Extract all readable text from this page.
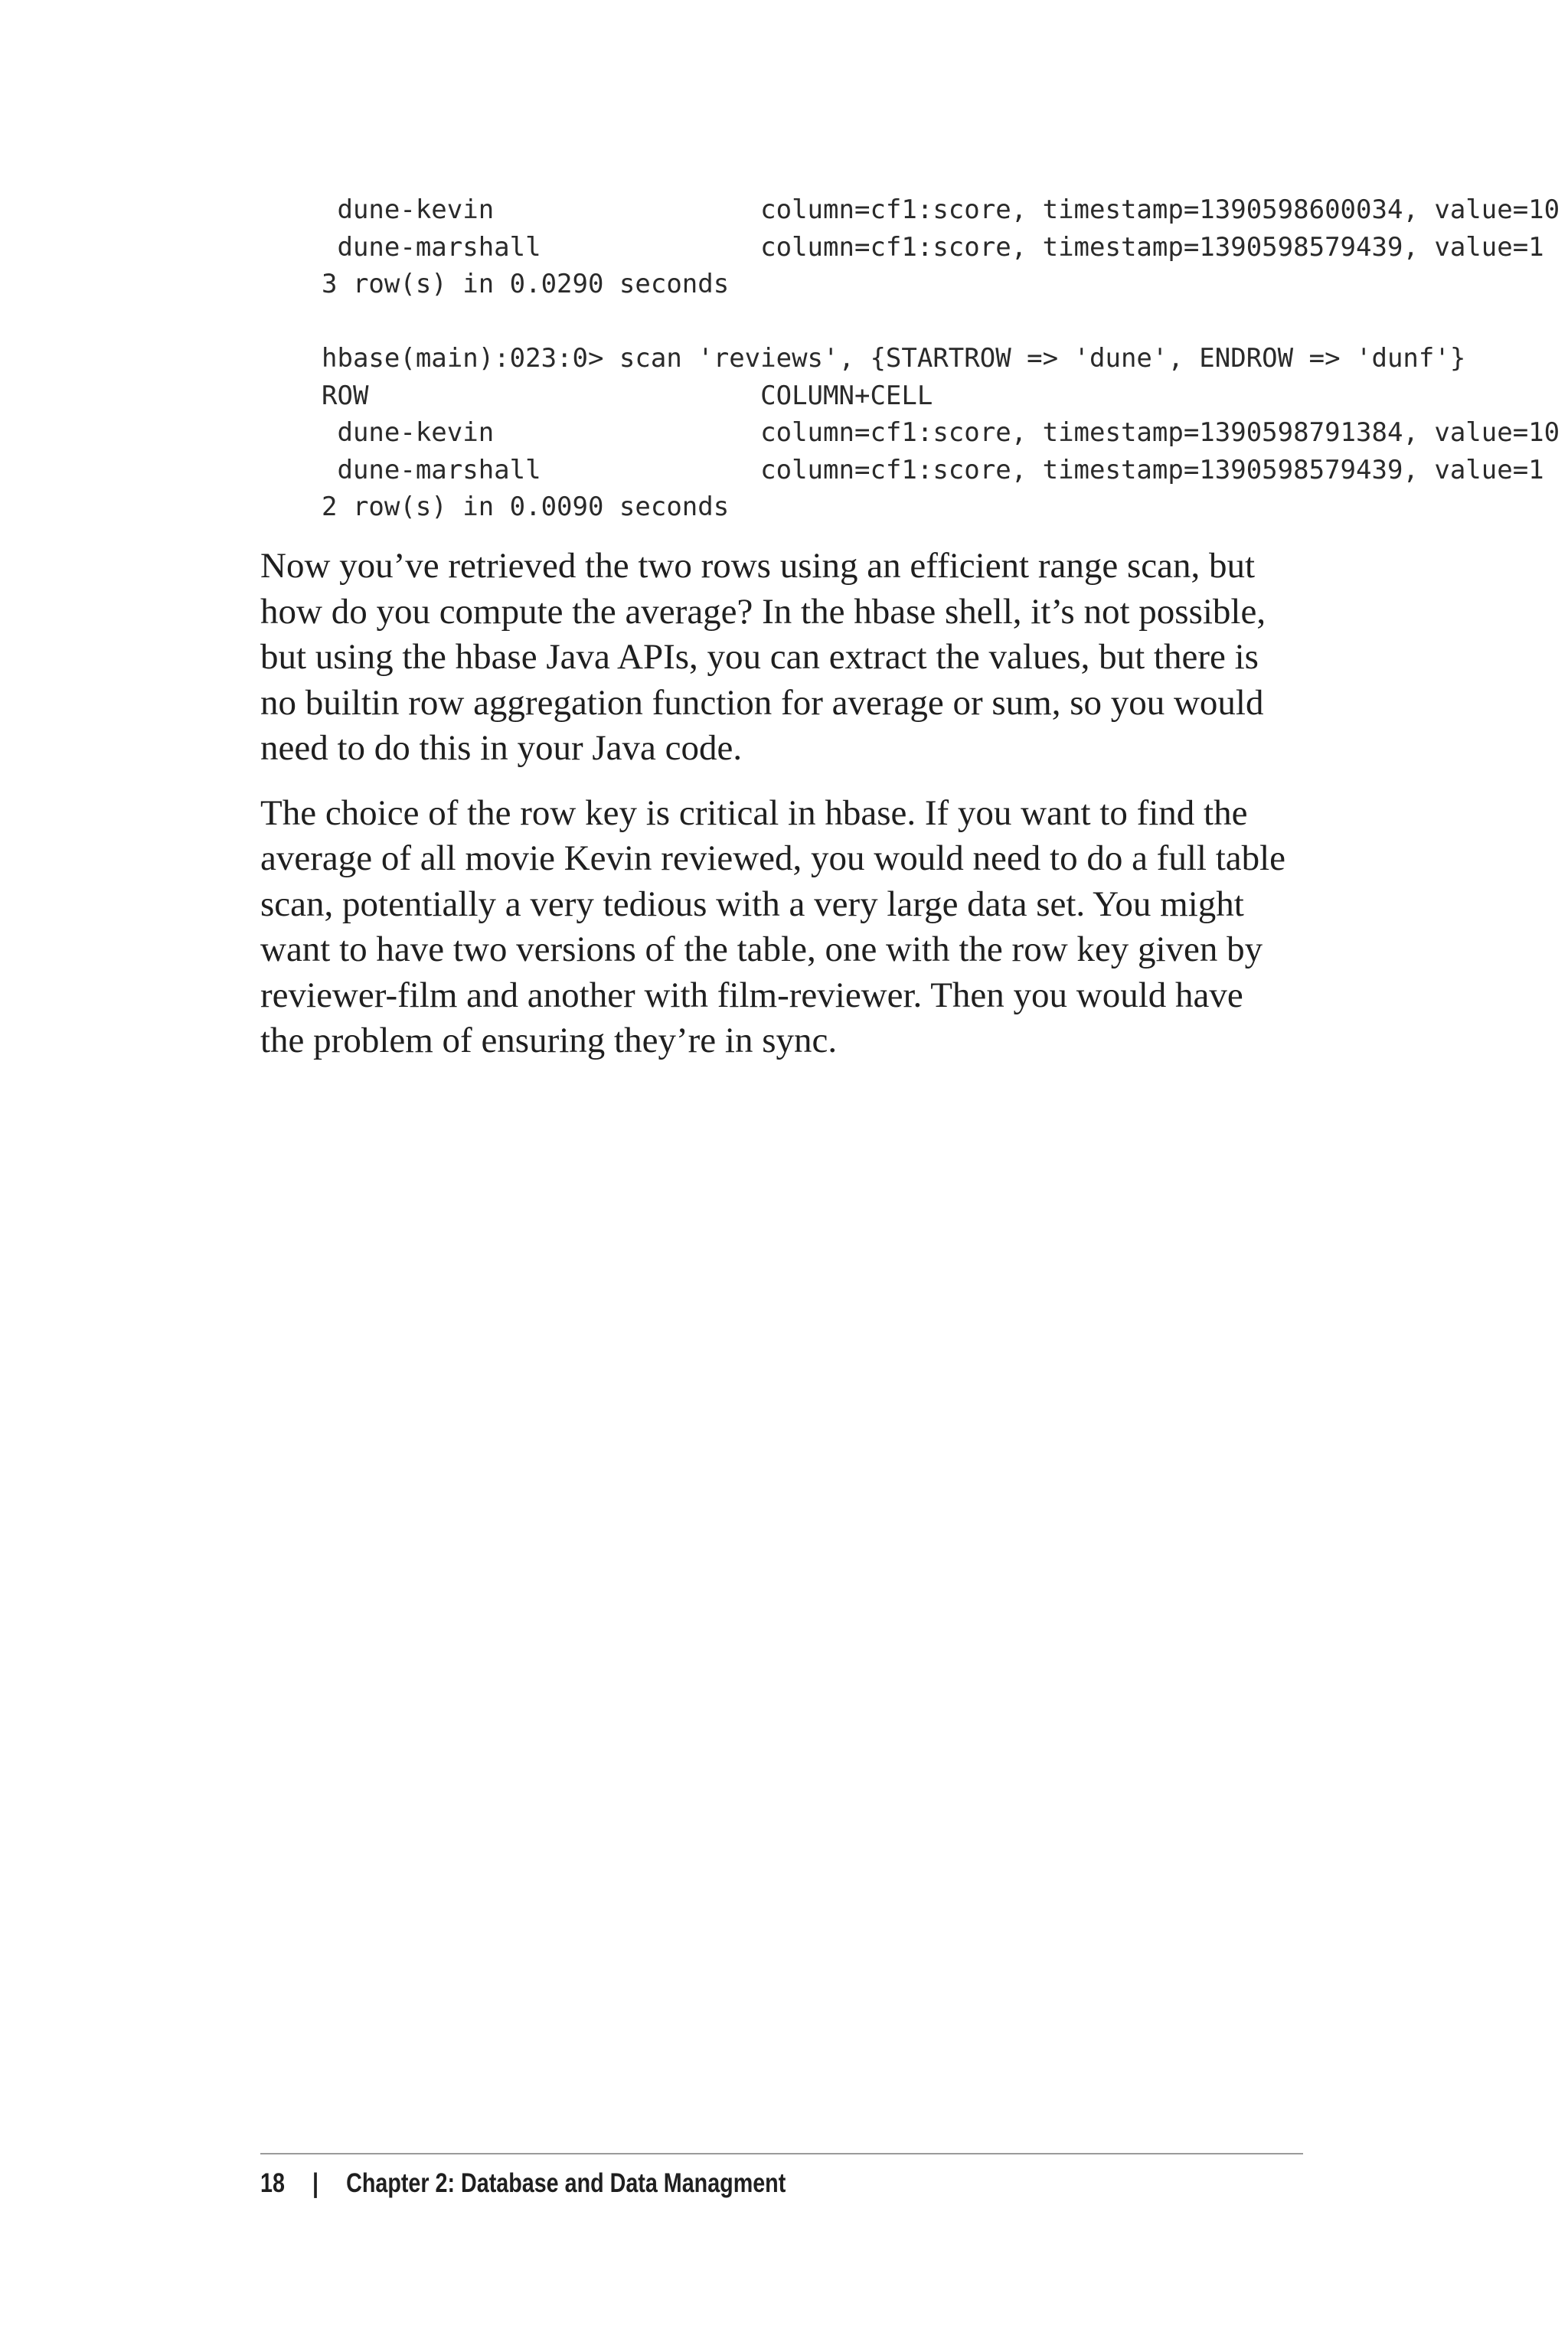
dune-kevin                 column=cf1:score, timestamp=1390598600034, value=10
dune-marshall              column=cf1:score, timestamp=1390598579439, value=1
3 row(s) in 0.0290 seconds
hbase(main):023:0> scan 'reviews', {STARTROW => 'dune', ENDROW => 'dunf'}
ROW                         COLUMN+CELL
dune-kevin                 column=cf1:score, timestamp=1390598791384, value=10
dune-marshall              column=cf1:score, timestamp=1390598579439, value=1
2 row(s) in 0.0090 seconds

Now you’ve retrieved the two rows using an efficient range scan, but
how do you compute the average? In the hbase shell, it’s not possible,
but using the hbase Java APIs, you can extract the values, but there is
no builtin row aggregation function for average or sum, so you would
need to do this in your Java code.

The choice of the row key is critical in hbase. If you want to find the
average of all movie Kevin reviewed, you would need to do a full table
scan, potentially a very tedious with a very large data set. You might
want to have two versions of the table, one with the row key given by
reviewer-film and another with film-reviewer. Then you would have
the problem of ensuring they’re in sync.

18 | Chapter 2: Database and Data Managment
